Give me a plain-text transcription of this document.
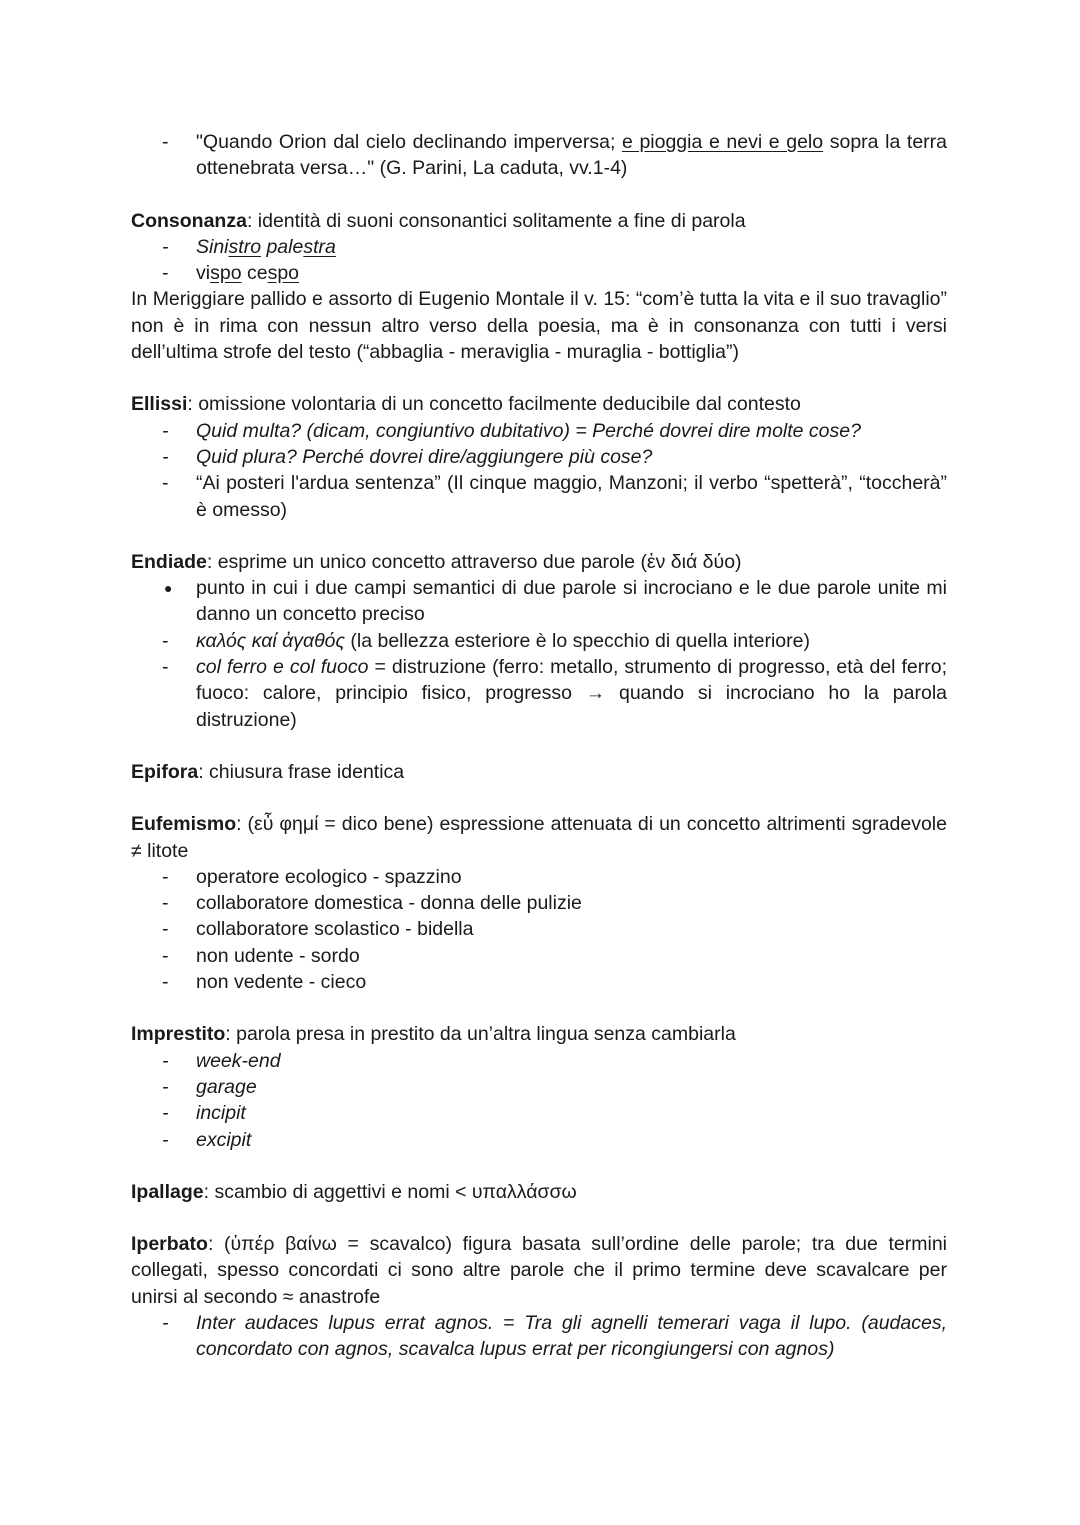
- "Quando Orion dal cielo declinando imperversa; e pioggia e nevi e gelo sopra la terra ottenebrata versa…" (G. Parini, La caduta, vv.1-4)

Consonanza: identità di suoni consonantici solitamente a fine di parola

- Sinistro palestra
- vispo cespo

In Meriggiare pallido e assorto di Eugenio Montale il v. 15: “com’è tutta la vita e il suo travaglio” non è in rima con nessun altro verso della poesia, ma è in consonanza con tutti i versi dell’ultima strofe del testo (“abbaglia - meraviglia - muraglia - bottiglia”)

Ellissi: omissione volontaria di un concetto facilmente deducibile dal contesto

- Quid multa? (dicam, congiuntivo dubitativo) = Perché dovrei dire molte cose?
- Quid plura? Perché dovrei dire/aggiungere più cose?
- “Ai posteri l'ardua sentenza” (Il cinque maggio, Manzoni; il verbo “spetterà”, “toccherà” è omesso)

Endiade: esprime un unico concetto attraverso due parole (ἐν διά δύο)

● punto in cui i due campi semantici di due parole si incrociano e le due parole unite mi danno un concetto preciso
- καλός καί ἀγαθός (la bellezza esteriore è lo specchio di quella interiore)
- col ferro e col fuoco = distruzione (ferro: metallo, strumento di progresso, età del ferro; fuoco: calore, principio fisico, progresso → quando si incrociano ho la parola distruzione)

Epifora: chiusura frase identica

Eufemismo: (εὖ φημί = dico bene) espressione attenuata di un concetto altrimenti sgradevole ≠ litote

- operatore ecologico - spazzino
- collaboratore domestica - donna delle pulizie
- collaboratore scolastico - bidella
- non udente - sordo
- non vedente - cieco

Imprestito: parola presa in prestito da un’altra lingua senza cambiarla

- week-end
- garage
- incipit
- excipit

Ipallage: scambio di aggettivi e nomi < υπαλλάσσω

Iperbato: (ὑπέρ βαίνω = scavalco) figura basata sull’ordine delle parole; tra due termini collegati, spesso concordati ci sono altre parole che il primo termine deve scavalcare per unirsi al secondo ≈ anastrofe

- Inter audaces lupus errat agnos. = Tra gli agnelli temerari vaga il lupo. (audaces, concordato con agnos, scavalca lupus errat per ricongiungersi con agnos)
